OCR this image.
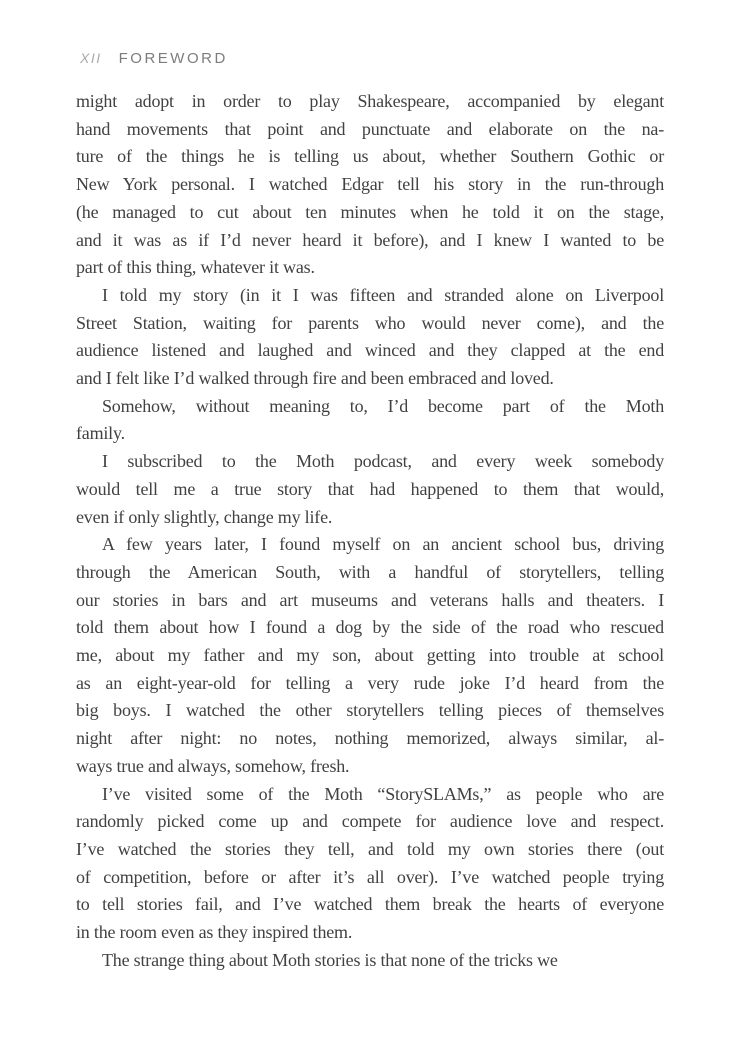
XII FOREWORD
might adopt in order to play Shakespeare, accompanied by elegant
hand movements that point and punctuate and elaborate on the na-
ture of the things he is telling us about, whether Southern Gothic or
New York personal. I watched Edgar tell his story in the run-through
(he managed to cut about ten minutes when he told it on the stage,
and it was as if I’d never heard it before), and I knew I wanted to be
part of this thing, whatever it was.
I told my story (in it I was fifteen and stranded alone on Liverpool
Street Station, waiting for parents who would never come), and the
audience listened and laughed and winced and they clapped at the end
and I felt like I’d walked through fire and been embraced and loved.
Somehow, without meaning to, I’d become part of the Moth
family.
I subscribed to the Moth podcast, and every week somebody
would tell me a true story that had happened to them that would,
even if only slightly, change my life.
A few years later, I found myself on an ancient school bus, driving
through the American South, with a handful of storytellers, telling
our stories in bars and art museums and veterans halls and theaters. I
told them about how I found a dog by the side of the road who rescued
me, about my father and my son, about getting into trouble at school
as an eight-year-old for telling a very rude joke I’d heard from the
big boys. I watched the other storytellers telling pieces of themselves
night after night: no notes, nothing memorized, always similar, al-
ways true and always, somehow, fresh.
I’ve visited some of the Moth “StorySLAMs,” as people who are
randomly picked come up and compete for audience love and respect.
I’ve watched the stories they tell, and told my own stories there (out
of competition, before or after it’s all over). I’ve watched people trying
to tell stories fail, and I’ve watched them break the hearts of everyone
in the room even as they inspired them.
The strange thing about Moth stories is that none of the tricks we
